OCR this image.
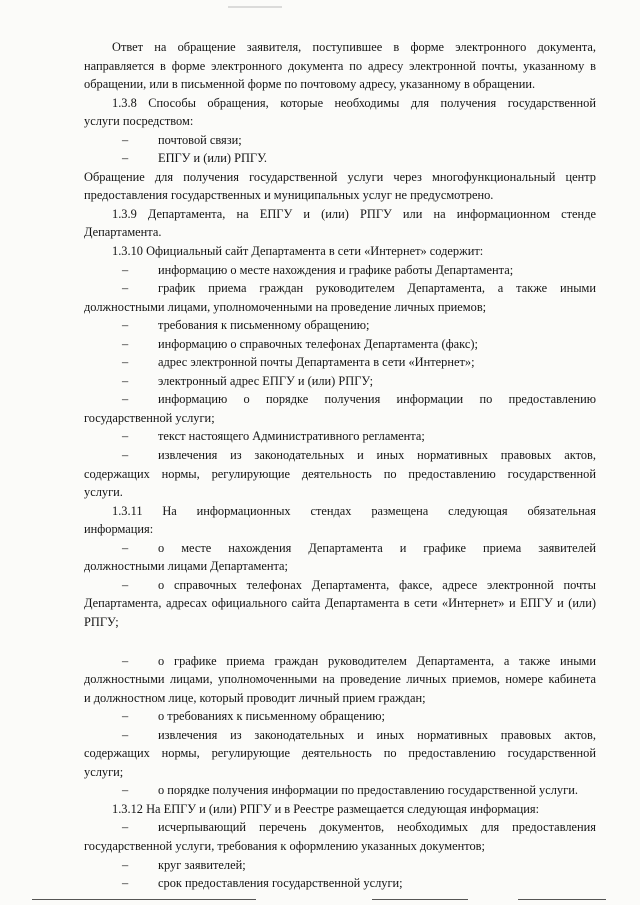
Ответ на обращение заявителя, поступившее в форме электронного документа,
направляется в форме электронного документа по адресу электронной почты, указанному в
обращении, или в письменной форме по почтовому адресу, указанному в обращении.
1.3.8 Способы обращения, которые необходимы для получения государственной
услуги посредством:
–	почтовой связи;
–	ЕПГУ и (или) РПГУ.
Обращение для получения государственной услуги через многофункциональный центр
предоставления государственных и муниципальных услуг не предусмотрено.
1.3.9 Департамента, на ЕПГУ и (или) РПГУ или на информационном стенде
Департамента.
1.3.10 Официальный сайт Департамента в сети «Интернет» содержит:
–	информацию о месте нахождения и графике работы Департамента;
–	график приема граждан руководителем Департамента, а также иными
должностными лицами, уполномоченными на проведение личных приемов;
–	требования к письменному обращению;
–	информацию о справочных телефонах Департамента (факс);
–	адрес электронной почты Департамента в сети «Интернет»;
–	электронный адрес ЕПГУ и (или) РПГУ;
–	информацию о порядке получения информации по предоставлению
государственной услуги;
–	текст настоящего Административного регламента;
–	извлечения из законодательных и иных нормативных правовых актов,
содержащих нормы, регулирующие деятельность по предоставлению государственной
услуги.
1.3.11 На информационных стендах размещена следующая обязательная
информация:
–	о месте нахождения Департамента и графике приема заявителей
должностными лицами Департамента;
–	о справочных телефонах Департамента, факсе, адресе электронной почты
Департамента, адресах официального сайта Департамента в сети «Интернет» и ЕПГУ и (или)
РПГУ;
–	о графике приема граждан руководителем Департамента, а также иными
должностными лицами, уполномоченными на проведение личных приемов, номере кабинета
и должностном лице, который проводит личный прием граждан;
–	о требованиях к письменному обращению;
–	извлечения из законодательных и иных нормативных правовых актов,
содержащих нормы, регулирующие деятельность по предоставлению государственной
услуги;
–	о порядке получения информации по предоставлению государственной услуги.
1.3.12 На ЕПГУ и (или) РПГУ и в Реестре размещается следующая информация:
–	исчерпывающий перечень документов, необходимых для предоставления
государственной услуги, требования к оформлению указанных документов;
–	круг заявителей;
–	срок предоставления государственной услуги;
